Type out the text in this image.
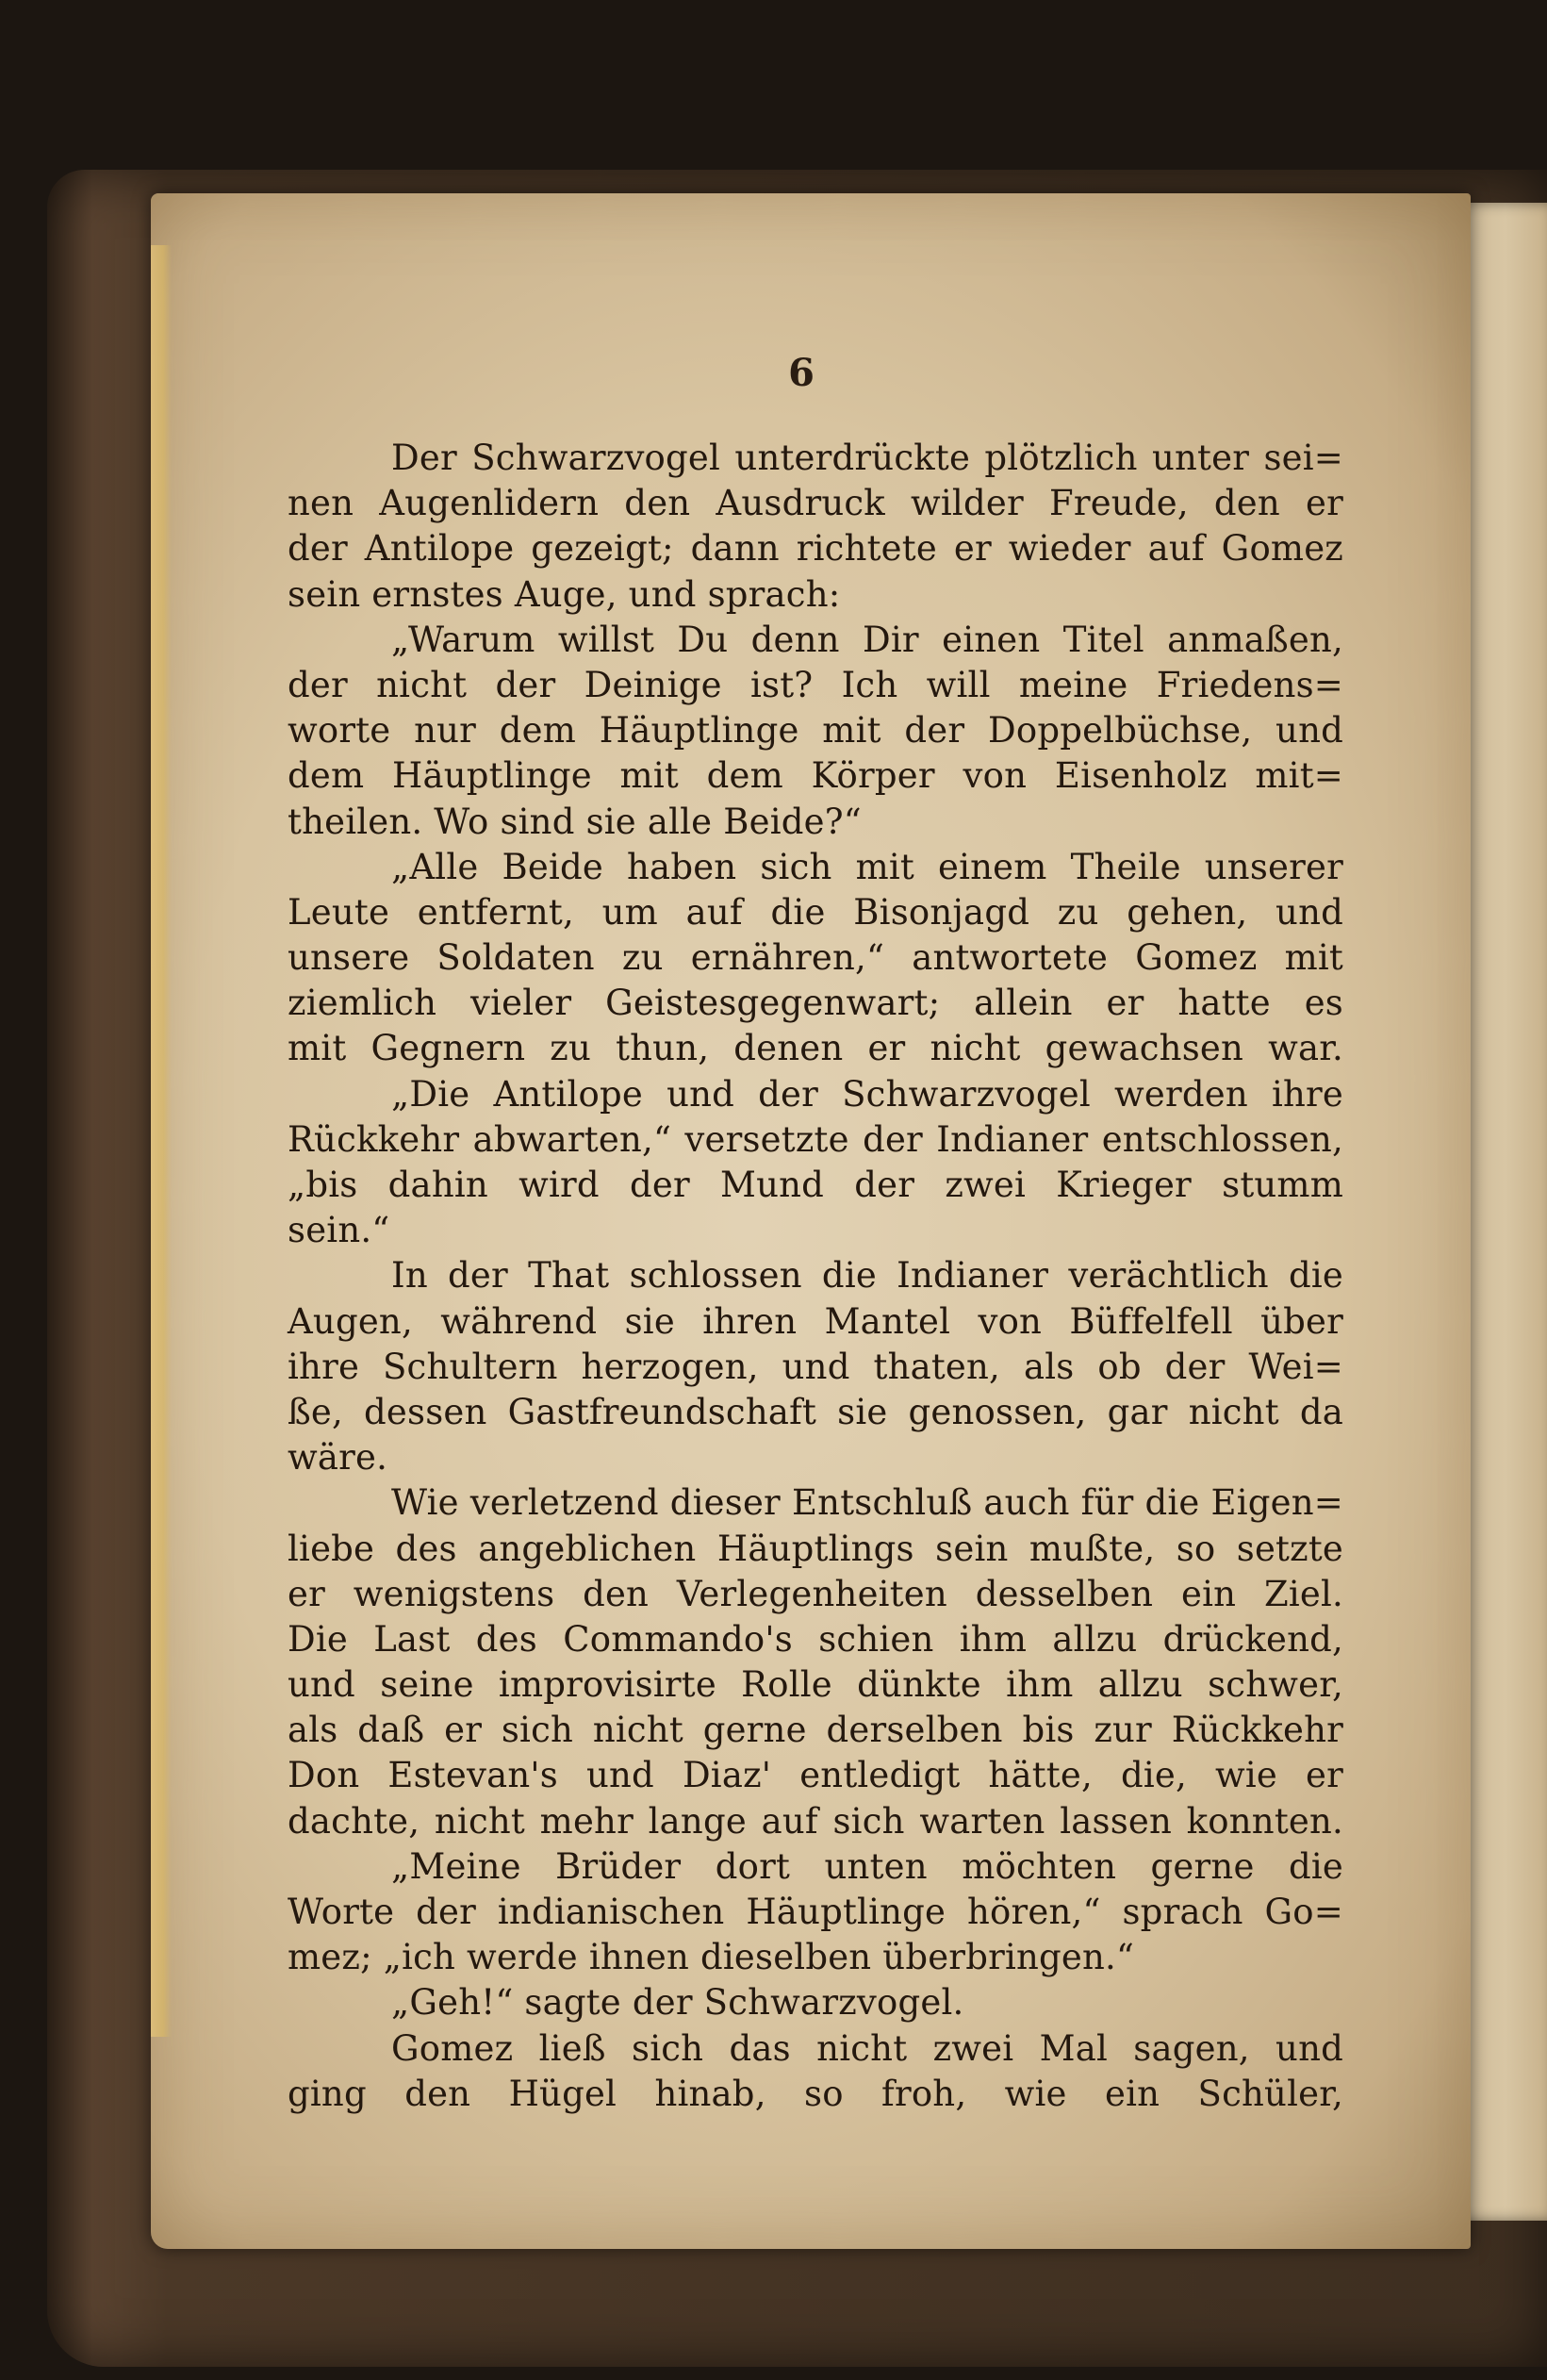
6
Der Schwarzvogel unterdrückte plötzlich unter sei=
nen Augenlidern den Ausdruck wilder Freude, den er
der Antilope gezeigt; dann richtete er wieder auf Gomez
sein ernstes Auge, und sprach:
„Warum willst Du denn Dir einen Titel anmaßen,
der nicht der Deinige ist? Ich will meine Friedens=
worte nur dem Häuptlinge mit der Doppelbüchse, und
dem Häuptlinge mit dem Körper von Eisenholz mit=
theilen. Wo sind sie alle Beide?“
„Alle Beide haben sich mit einem Theile unserer
Leute entfernt, um auf die Bisonjagd zu gehen, und
unsere Soldaten zu ernähren,“ antwortete Gomez mit
ziemlich vieler Geistesgegenwart; allein er hatte es
mit Gegnern zu thun, denen er nicht gewachsen war.
„Die Antilope und der Schwarzvogel werden ihre
Rückkehr abwarten,“ versetzte der Indianer entschlossen,
„bis dahin wird der Mund der zwei Krieger stumm
sein.“
In der That schlossen die Indianer verächtlich die
Augen, während sie ihren Mantel von Büffelfell über
ihre Schultern herzogen, und thaten, als ob der Wei=
ße, dessen Gastfreundschaft sie genossen, gar nicht da
wäre.
Wie verletzend dieser Entschluß auch für die Eigen=
liebe des angeblichen Häuptlings sein mußte, so setzte
er wenigstens den Verlegenheiten desselben ein Ziel.
Die Last des Commando's schien ihm allzu drückend,
und seine improvisirte Rolle dünkte ihm allzu schwer,
als daß er sich nicht gerne derselben bis zur Rückkehr
Don Estevan's und Diaz' entledigt hätte, die, wie er
dachte, nicht mehr lange auf sich warten lassen konnten.
„Meine Brüder dort unten möchten gerne die
Worte der indianischen Häuptlinge hören,“ sprach Go=
mez; „ich werde ihnen dieselben überbringen.“
„Geh!“ sagte der Schwarzvogel.
Gomez ließ sich das nicht zwei Mal sagen, und
ging den Hügel hinab, so froh, wie ein Schüler,
